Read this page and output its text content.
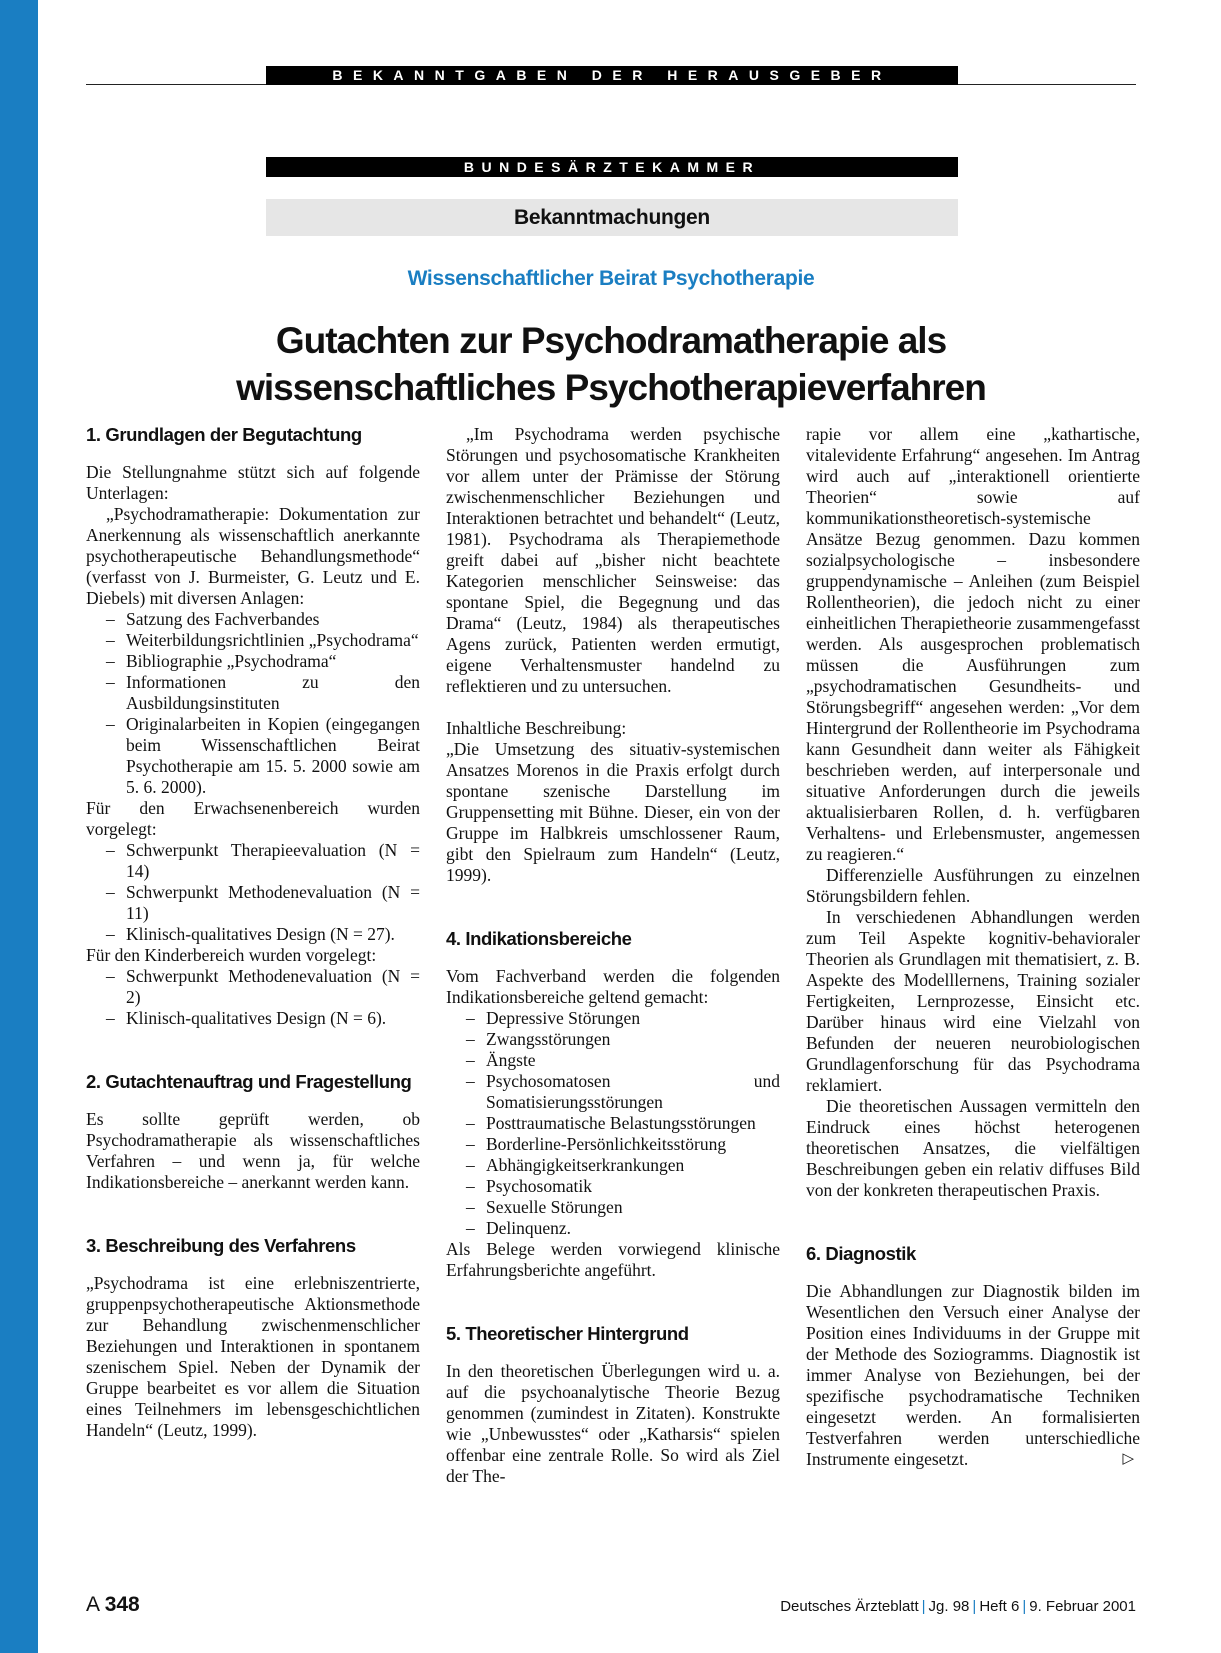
BEKANNTGABEN DER HERAUSGEBER
BUNDESÄRZTEKAMMER
Bekanntmachungen
Wissenschaftlicher Beirat Psychotherapie
Gutachten zur Psychodramatherapie als
wissenschaftliches Psychotherapieverfahren
1. Grundlagen der Begutachtung

Die Stellungnahme stützt sich auf folgende Unterlagen:

„Psychodramatherapie: Dokumentation zur Anerkennung als wissenschaftlich anerkannte psychotherapeutische Behandlungsmethode“ (verfasst von J. Burmeister, G. Leutz und E. Diebels) mit diversen Anlagen:

– Satzung des Fachverbandes
– Weiterbildungsrichtlinien „Psychodrama“
– Bibliographie „Psychodrama“
– Informationen zu den Ausbildungsinstituten
– Originalarbeiten in Kopien (eingegangen beim Wissenschaftlichen Beirat Psychotherapie am 15. 5. 2000 sowie am 5. 6. 2000).

Für den Erwachsenenbereich wurden vorgelegt:

– Schwerpunkt Therapieevaluation (N = 14)
– Schwerpunkt Methodenevaluation (N = 11)
– Klinisch-qualitatives Design (N = 27).

Für den Kinderbereich wurden vorgelegt:

– Schwerpunkt Methodenevaluation (N = 2)
– Klinisch-qualitatives Design (N = 6).
2. Gutachtenauftrag und Fragestellung

Es sollte geprüft werden, ob Psychodramatherapie als wissenschaftliches Verfahren – und wenn ja, für welche Indikationsbereiche – anerkannt werden kann.

3. Beschreibung des Verfahrens

„Psychodrama ist eine erlebniszentrierte, gruppenpsychotherapeutische Aktionsmethode zur Behandlung zwischenmenschlicher Beziehungen und Interaktionen in spontanem szenischem Spiel. Neben der Dynamik der Gruppe bearbeitet es vor allem die Situation eines Teilnehmers im lebensgeschichtlichen Handeln“ (Leutz, 1999).

„Im Psychodrama werden psychische Störungen und psychosomatische Krankheiten vor allem unter der Prämisse der Störung zwischenmenschlicher Beziehungen und Interaktionen betrachtet und behandelt“ (Leutz, 1981). Psychodrama als Therapiemethode greift dabei auf „bisher nicht beachtete Kategorien menschlicher Seinsweise: das spontane Spiel, die Begegnung und das Drama“ (Leutz, 1984) als therapeutisches Agens zurück, Patienten werden ermutigt, eigene Verhaltensmuster handelnd zu reflektieren und zu untersuchen.

Inhaltliche Beschreibung:

„Die Umsetzung des situativ-systemischen Ansatzes Morenos in die Praxis erfolgt durch spontane szenische Darstellung im Gruppensetting mit Bühne. Dieser, ein von der Gruppe im Halbkreis umschlossener Raum, gibt den Spielraum zum Handeln“ (Leutz, 1999).

4. Indikationsbereiche

Vom Fachverband werden die folgenden Indikationsbereiche geltend gemacht:

– Depressive Störungen
– Zwangsstörungen
– Ängste
– Psychosomatosen und Somatisierungsstörungen
– Posttraumatische Belastungsstörungen
– Borderline-Persönlichkeitsstörung
– Abhängigkeitserkrankungen
– Psychosomatik
– Sexuelle Störungen
– Delinquenz.

Als Belege werden vorwiegend klinische Erfahrungsberichte angeführt.

5. Theoretischer Hintergrund

In den theoretischen Überlegungen wird u. a. auf die psychoanalytische Theorie Bezug genommen (zumindest in Zitaten). Konstrukte wie „Unbewusstes“ oder „Katharsis“ spielen offenbar eine zentrale Rolle. So wird als Ziel der The-

rapie vor allem eine „kathartische, vitalevidente Erfahrung“ angesehen. Im Antrag wird auch auf „interaktionell orientierte Theorien“ sowie auf kommunikationstheoretisch-systemische Ansätze Bezug genommen. Dazu kommen sozialpsychologische – insbesondere gruppendynamische – Anleihen (zum Beispiel Rollentheorien), die jedoch nicht zu einer einheitlichen Therapietheorie zusammengefasst werden. Als ausgesprochen problematisch müssen die Ausführungen zum „psychodramatischen Gesundheits- und Störungsbegriff“ angesehen werden: „Vor dem Hintergrund der Rollentheorie im Psychodrama kann Gesundheit dann weiter als Fähigkeit beschrieben werden, auf interpersonale und situative Anforderungen durch die jeweils aktualisierbaren Rollen, d. h. verfügbaren Verhaltens- und Erlebensmuster, angemessen zu reagieren.“

Differenzielle Ausführungen zu einzelnen Störungsbildern fehlen.

In verschiedenen Abhandlungen werden zum Teil Aspekte kognitiv-behavioraler Theorien als Grundlagen mit thematisiert, z. B. Aspekte des Modelllernens, Training sozialer Fertigkeiten, Lernprozesse, Einsicht etc. Darüber hinaus wird eine Vielzahl von Befunden der neueren neurobiologischen Grundlagenforschung für das Psychodrama reklamiert.

Die theoretischen Aussagen vermitteln den Eindruck eines höchst heterogenen theoretischen Ansatzes, die vielfältigen Beschreibungen geben ein relativ diffuses Bild von der konkreten therapeutischen Praxis.

6. Diagnostik

Die Abhandlungen zur Diagnostik bilden im Wesentlichen den Versuch einer Analyse der Position eines Individuums in der Gruppe mit der Methode des Soziogramms. Diagnostik ist immer Analyse von Beziehungen, bei der spezifische psychodramatische Techniken eingesetzt werden. An formalisierten Testverfahren werden unterschiedliche Instrumente eingesetzt.	▷

A 348	Deutsches Ärzteblatt | Jg. 98 | Heft 6 | 9. Februar 2001
